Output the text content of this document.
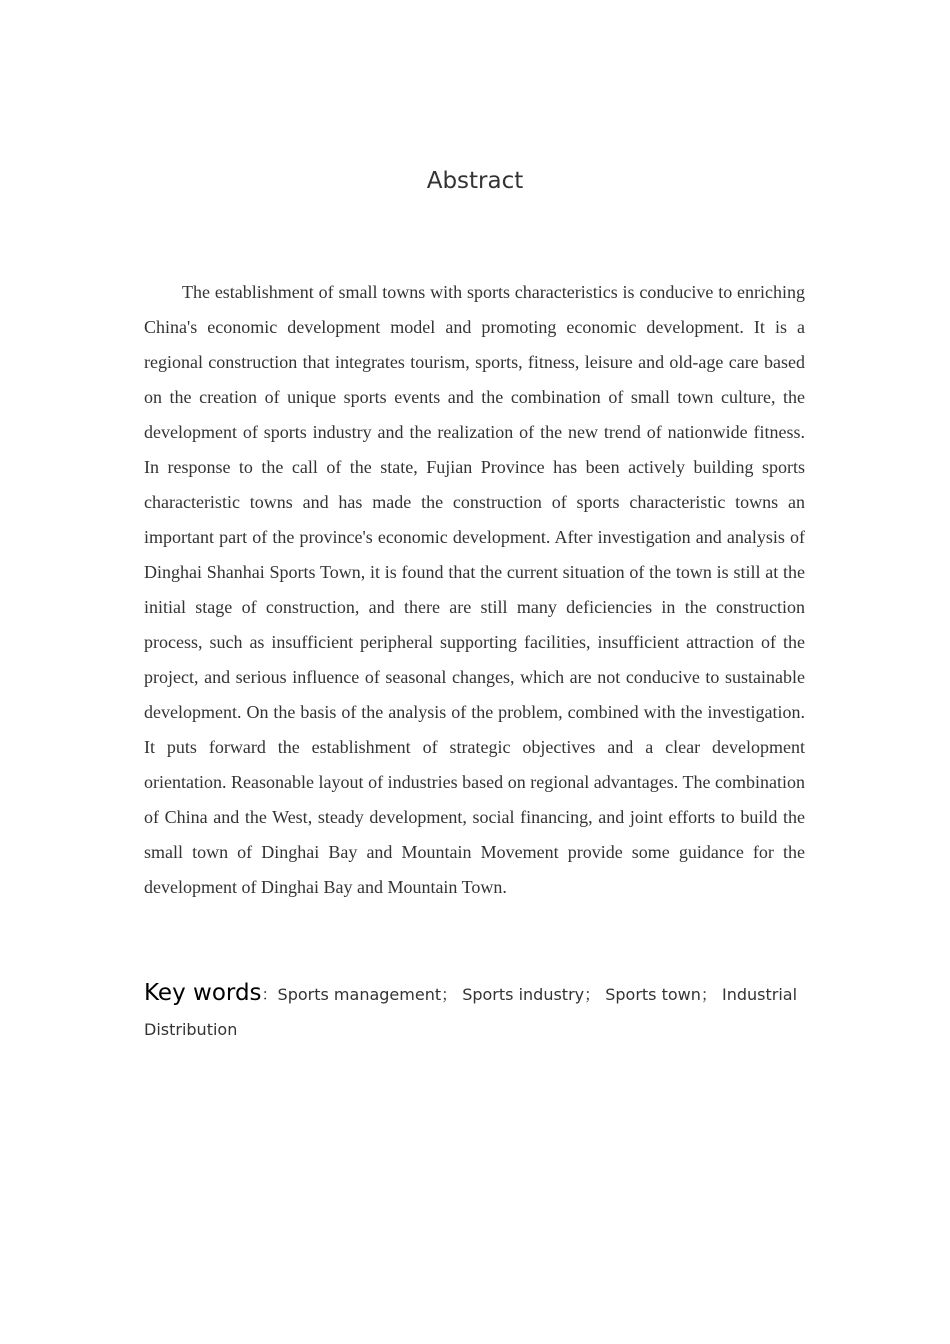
Abstract

The establishment of small towns with sports characteristics is conducive to enriching China's economic development model and promoting economic development. It is a regional construction that integrates tourism, sports, fitness, leisure and old-age care based on the creation of unique sports events and the combination of small town culture, the development of sports industry and the realization of the new trend of nationwide fitness. In response to the call of the state, Fujian Province has been actively building sports characteristic towns and has made the construction of sports characteristic towns an important part of the province's economic development. After investigation and analysis of Dinghai Shanhai Sports Town, it is found that the current situation of the town is still at the initial stage of construction, and there are still many deficiencies in the construction process, such as insufficient peripheral supporting facilities, insufficient attraction of the project, and serious influence of seasonal changes, which are not conducive to sustainable development. On the basis of the analysis of the problem, combined with the investigation. It puts forward the establishment of strategic objectives and a clear development orientation. Reasonable layout of industries based on regional advantages. The combination of China and the West, steady development, social financing, and joint efforts to build the small town of Dinghai Bay and Mountain Movement provide some guidance for the development of Dinghai Bay and Mountain Town.

Key words：Sports management； Sports industry； Sports town； Industrial Distribution
